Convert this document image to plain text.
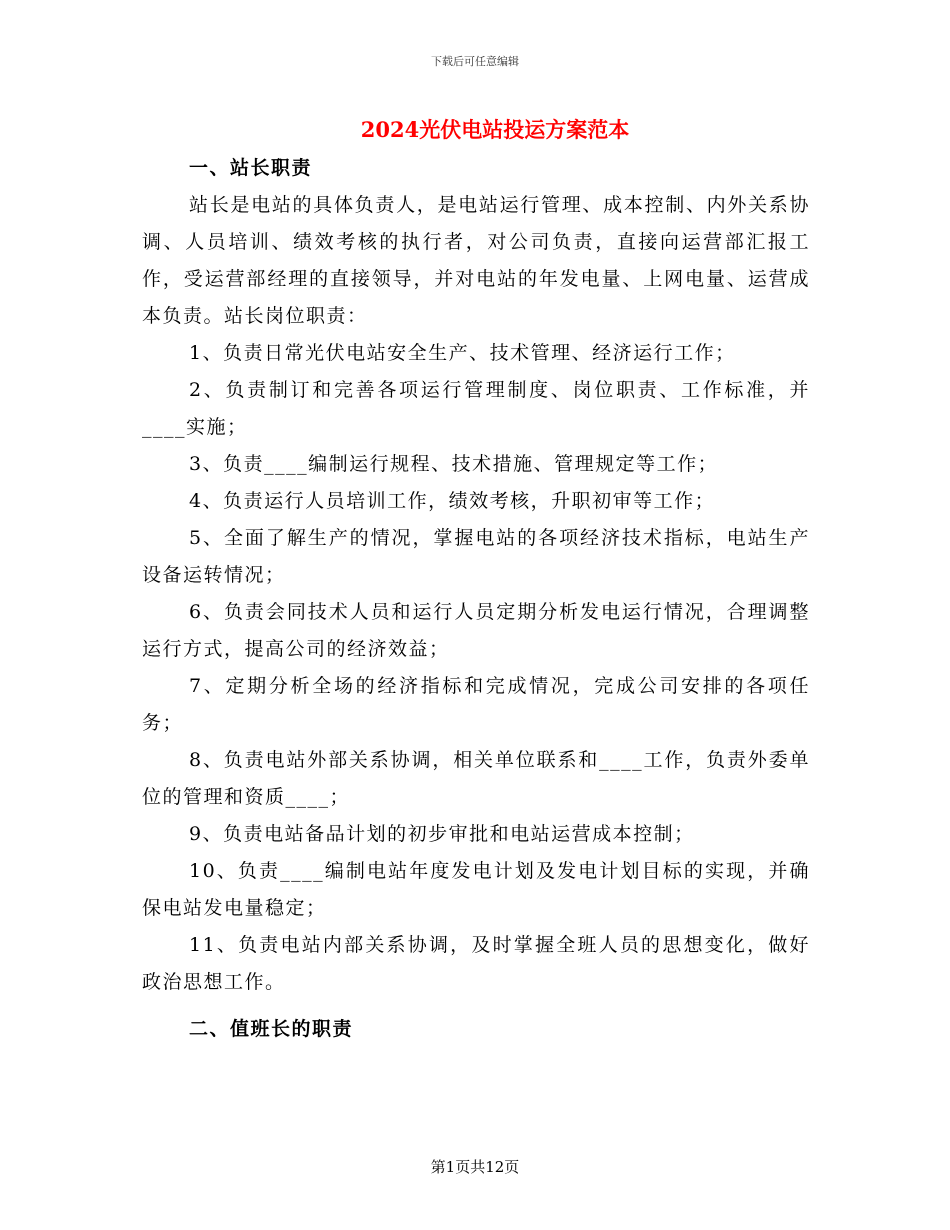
下载后可任意编辑
2024光伏电站投运方案范本

一、站长职责

站长是电站的具体负责人，是电站运行管理、成本控制、内外关系协调、人员培训、绩效考核的执行者，对公司负责，直接向运营部汇报工作，受运营部经理的直接领导，并对电站的年发电量、上网电量、运营成本负责。站长岗位职责：

1、负责日常光伏电站安全生产、技术管理、经济运行工作；

2、负责制订和完善各项运行管理制度、岗位职责、工作标准，并____实施；

3、负责____编制运行规程、技术措施、管理规定等工作；

4、负责运行人员培训工作，绩效考核，升职初审等工作；

5、全面了解生产的情况，掌握电站的各项经济技术指标，电站生产设备运转情况；

6、负责会同技术人员和运行人员定期分析发电运行情况，合理调整运行方式，提高公司的经济效益；

7、定期分析全场的经济指标和完成情况，完成公司安排的各项任务；

8、负责电站外部关系协调，相关单位联系和____工作，负责外委单位的管理和资质____；

9、负责电站备品计划的初步审批和电站运营成本控制；

10、负责____编制电站年度发电计划及发电计划目标的实现，并确保电站发电量稳定；

11、负责电站内部关系协调，及时掌握全班人员的思想变化，做好政治思想工作。

二、值班长的职责

第1页共12页
